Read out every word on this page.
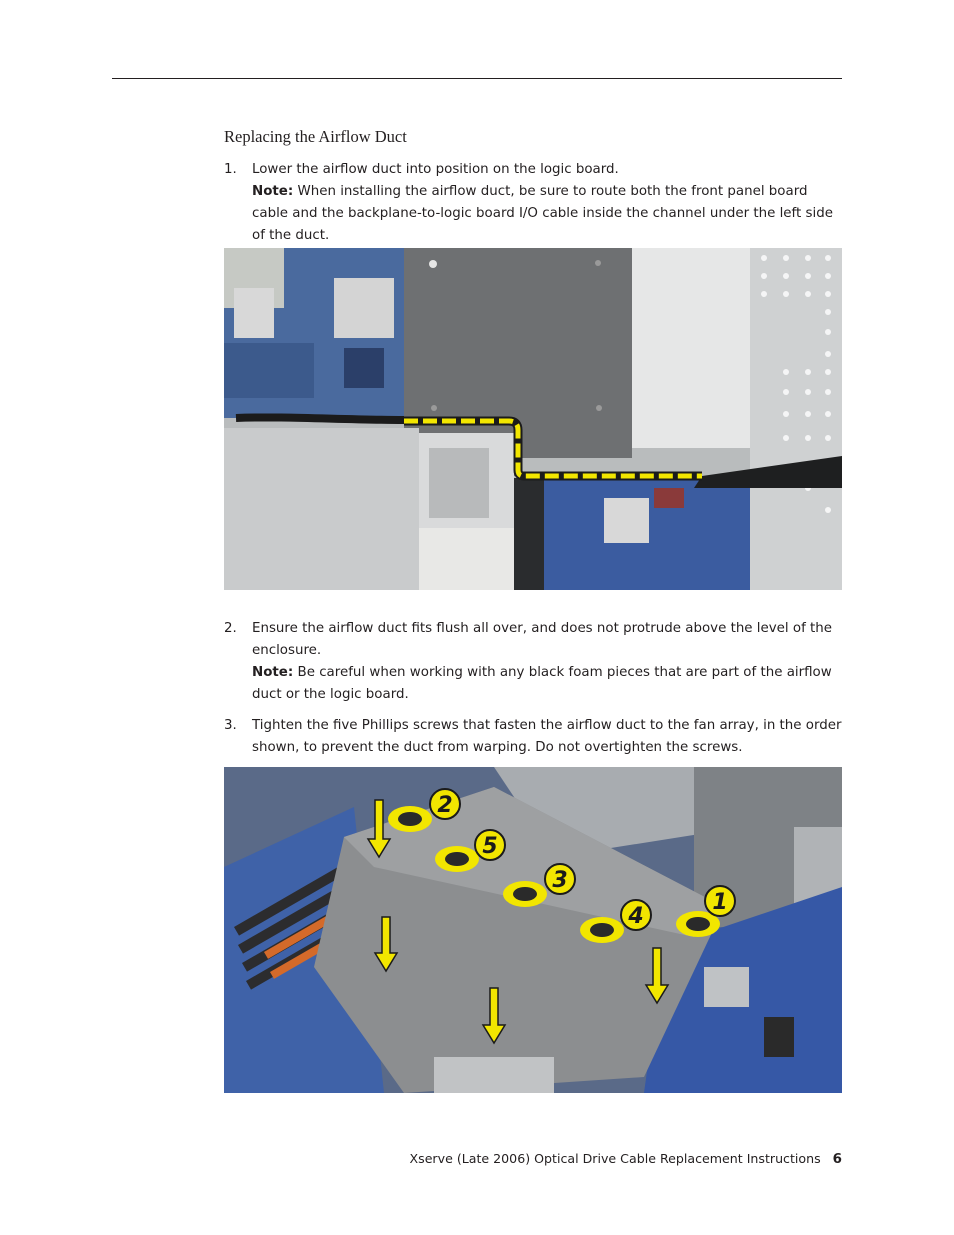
Replacing the Airflow Duct
1.	Lower the airflow duct into position on the logic board.
Note: When installing the airflow duct, be sure to route both the front panel board cable and the backplane-to-logic board I/O cable inside the channel under the left side of the duct.
2.	Ensure the airflow duct fits flush all over, and does not protrude above the level of the enclosure.
Note: Be careful when working with any black foam pieces that are part of the airflow duct or the logic board.
3.	Tighten the five Phillips screws that fasten the airflow duct to the fan array, in the order shown, to prevent the duct from warping. Do not overtighten the screws.
2
5
3
4
1
Xserve (Late 2006) Optical Drive Cable Replacement Instructions 6
